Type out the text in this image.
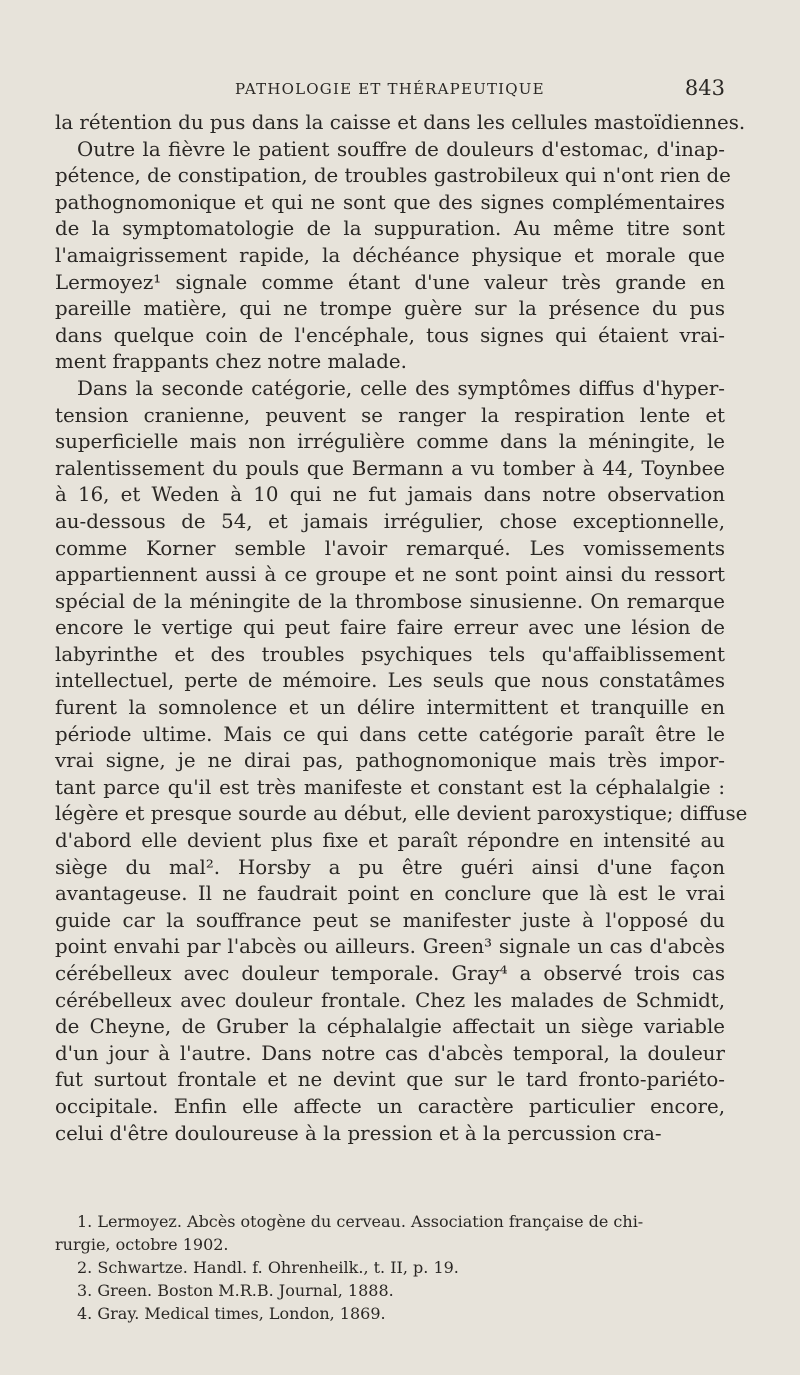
PATHOLOGIE ET THÉRAPEUTIQUE	843
la rétention du pus dans la caisse et dans les cellules mastoïdiennes.
Outre la fièvre le patient souffre de douleurs d'estomac, d'inap-
pétence, de constipation, de troubles gastrobileux qui n'ont rien de
pathognomonique et qui ne sont que des signes complémentaires
de la symptomatologie de la suppuration. Au même titre sont
l'amaigrissement rapide, la déchéance physique et morale que
Lermoyez¹ signale comme étant d'une valeur très grande en
pareille matière, qui ne trompe guère sur la présence du pus
dans quelque coin de l'encéphale, tous signes qui étaient vrai-
ment frappants chez notre malade.
Dans la seconde catégorie, celle des symptômes diffus d'hyper-
tension cranienne, peuvent se ranger la respiration lente et
superficielle mais non irrégulière comme dans la méningite, le
ralentissement du pouls que Bermann a vu tomber à 44, Toynbee
à 16, et Weden à 10 qui ne fut jamais dans notre observation
au-dessous de 54, et jamais irrégulier, chose exceptionnelle,
comme Korner semble l'avoir remarqué. Les vomissements
appartiennent aussi à ce groupe et ne sont point ainsi du ressort
spécial de la méningite de la thrombose sinusienne. On remarque
encore le vertige qui peut faire faire erreur avec une lésion de
labyrinthe et des troubles psychiques tels qu'affaiblissement
intellectuel, perte de mémoire. Les seuls que nous constatâmes
furent la somnolence et un délire intermittent et tranquille en
période ultime. Mais ce qui dans cette catégorie paraît être le
vrai signe, je ne dirai pas, pathognomonique mais très impor-
tant parce qu'il est très manifeste et constant est la céphalalgie :
légère et presque sourde au début, elle devient paroxystique; diffuse
d'abord elle devient plus fixe et paraît répondre en intensité au
siège du mal². Horsby a pu être guéri ainsi d'une façon
avantageuse. Il ne faudrait point en conclure que là est le vrai
guide car la souffrance peut se manifester juste à l'opposé du
point envahi par l'abcès ou ailleurs. Green³ signale un cas d'abcès
cérébelleux avec douleur temporale. Gray⁴ a observé trois cas
cérébelleux avec douleur frontale. Chez les malades de Schmidt,
de Cheyne, de Gruber la céphalalgie affectait un siège variable
d'un jour à l'autre. Dans notre cas d'abcès temporal, la douleur
fut surtout frontale et ne devint que sur le tard fronto-pariéto-
occipitale. Enfin elle affecte un caractère particulier encore,
celui d'être douloureuse à la pression et à la percussion cra-
1. Lermoyez. Abcès otogène du cerveau. Association française de chi-
rurgie, octobre 1902.
2. Schwartze. Handl. f. Ohrenheilk., t. II, p. 19.
3. Green. Boston M.R.B. Journal, 1888.
4. Gray. Medical times, London, 1869.
